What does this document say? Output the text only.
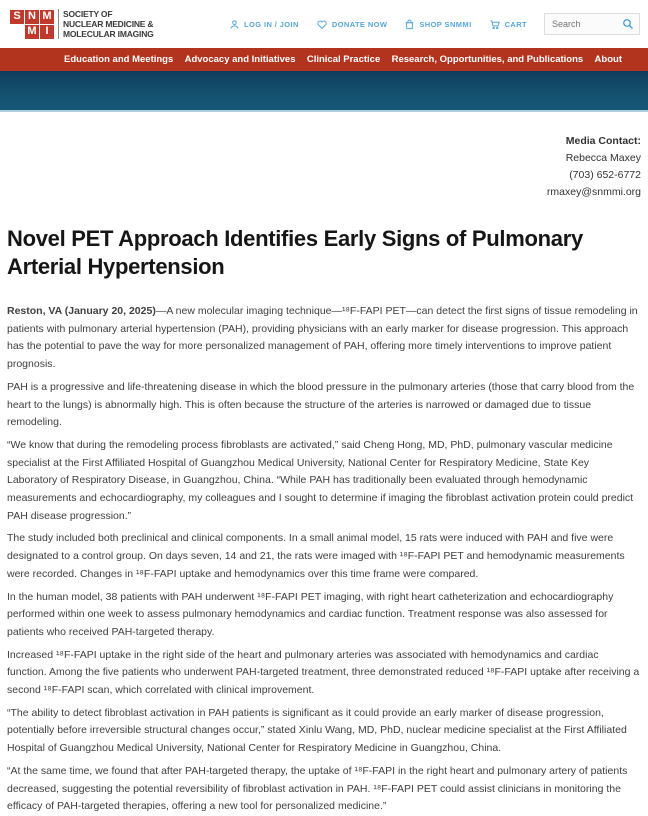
S N M
M I
SOCIETY OF
NUCLEAR MEDICINE &
MOLECULAR IMAGING
LOG IN / JOIN	DONATE NOW	SHOP SNMMI	CART
Search
Education and Meetings Advocacy and Initiatives Clinical Practice Research, Opportunities, and Publications About
Media Contact:
Rebecca Maxey
(703) 652-6772
rmaxey@snmmi.org
Novel PET Approach Identifies Early Signs of Pulmonary Arterial Hypertension

Reston, VA (January 20, 2025)—A new molecular imaging technique—¹⁸F-FAPI PET—can detect the first signs of tissue remodeling in patients with pulmonary arterial hypertension (PAH), providing physicians with an early marker for disease progression. This approach has the potential to pave the way for more personalized management of PAH, offering more timely interventions to improve patient prognosis.

PAH is a progressive and life-threatening disease in which the blood pressure in the pulmonary arteries (those that carry blood from the heart to the lungs) is abnormally high. This is often because the structure of the arteries is narrowed or damaged due to tissue remodeling.

“We know that during the remodeling process fibroblasts are activated,” said Cheng Hong, MD, PhD, pulmonary vascular medicine specialist at the First Affiliated Hospital of Guangzhou Medical University, National Center for Respiratory Medicine, State Key Laboratory of Respiratory Disease, in Guangzhou, China. “While PAH has traditionally been evaluated through hemodynamic measurements and echocardiography, my colleagues and I sought to determine if imaging the fibroblast activation protein could predict PAH disease progression.”

The study included both preclinical and clinical components. In a small animal model, 15 rats were induced with PAH and five were designated to a control group. On days seven, 14 and 21, the rats were imaged with ¹⁸F-FAPI PET and hemodynamic measurements were recorded. Changes in ¹⁸F-FAPI uptake and hemodynamics over this time frame were compared.

In the human model, 38 patients with PAH underwent ¹⁸F-FAPI PET imaging, with right heart catheterization and echocardiography performed within one week to assess pulmonary hemodynamics and cardiac function. Treatment response was also assessed for patients who received PAH-targeted therapy.

Increased ¹⁸F-FAPI uptake in the right side of the heart and pulmonary arteries was associated with hemodynamics and cardiac function. Among the five patients who underwent PAH-targeted treatment, three demonstrated reduced ¹⁸F-FAPI uptake after receiving a second ¹⁸F-FAPI scan, which correlated with clinical improvement.

“The ability to detect fibroblast activation in PAH patients is significant as it could provide an early marker of disease progression, potentially before irreversible structural changes occur,” stated Xinlu Wang, MD, PhD, nuclear medicine specialist at the First Affiliated Hospital of Guangzhou Medical University, National Center for Respiratory Medicine in Guangzhou, China.

“At the same time, we found that after PAH-targeted therapy, the uptake of ¹⁸F-FAPI in the right heart and pulmonary artery of patients decreased, suggesting the potential reversibility of fibroblast activation in PAH. ¹⁸F-FAPI PET could assist clinicians in monitoring the efficacy of PAH-targeted therapies, offering a new tool for personalized medicine.”
